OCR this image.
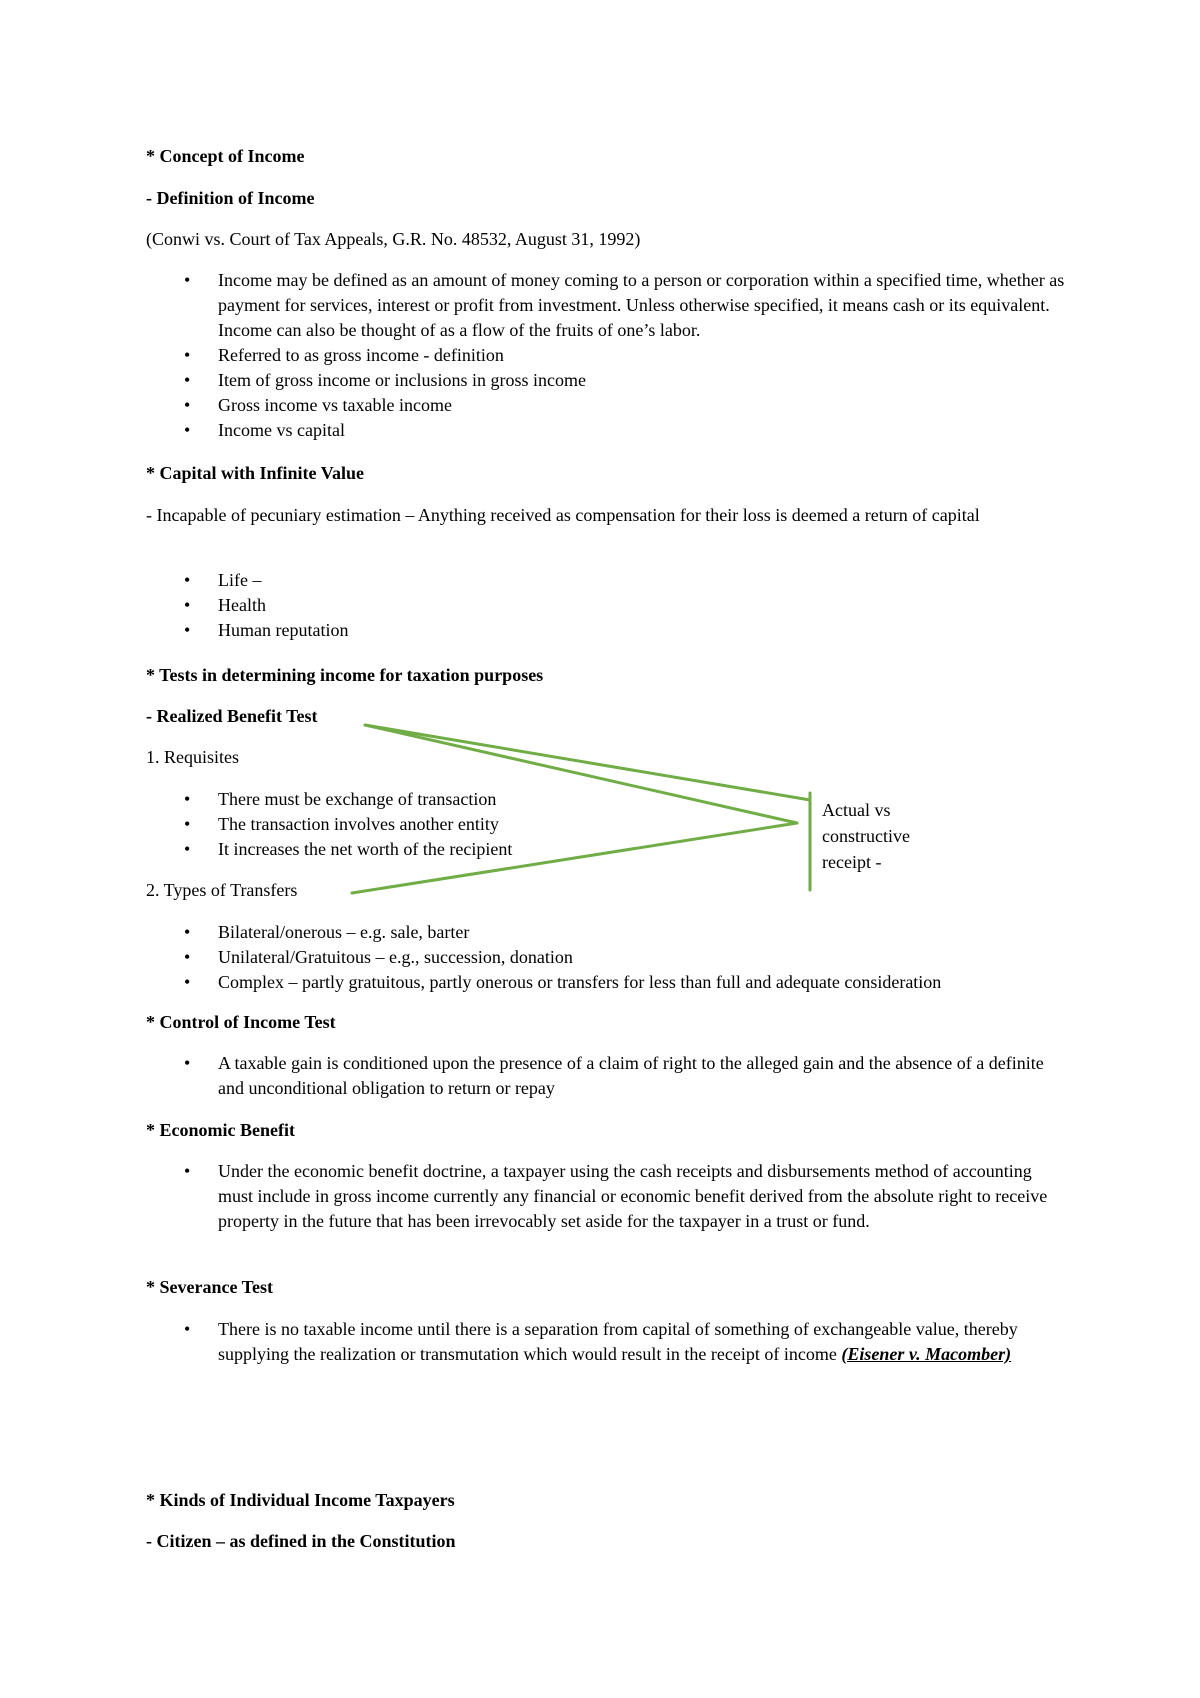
* Concept of Income
- Definition of Income
(Conwi vs. Court of Tax Appeals, G.R. No. 48532, August 31, 1992)
• Income may be defined as an amount of money coming to a person or corporation within a specified time, whether as payment for services, interest or profit from investment. Unless otherwise specified, it means cash or its equivalent. Income can also be thought of as a flow of the fruits of one’s labor.
• Referred to as gross income - definition
• Item of gross income or inclusions in gross income
• Gross income vs taxable income
• Income vs capital
* Capital with Infinite Value
- Incapable of pecuniary estimation – Anything received as compensation for their loss is deemed a return of capital
• Life –
• Health
• Human reputation
* Tests in determining income for taxation purposes
- Realized Benefit Test
1. Requisites
• There must be exchange of transaction
• The transaction involves another entity
• It increases the net worth of the recipient
2. Types of Transfers
• Bilateral/onerous – e.g. sale, barter
• Unilateral/Gratuitous – e.g., succession, donation
• Complex – partly gratuitous, partly onerous or transfers for less than full and adequate consideration
Actual vs constructive receipt -
* Control of Income Test
• A taxable gain is conditioned upon the presence of a claim of right to the alleged gain and the absence of a definite and unconditional obligation to return or repay
* Economic Benefit
• Under the economic benefit doctrine, a taxpayer using the cash receipts and disbursements method of accounting must include in gross income currently any financial or economic benefit derived from the absolute right to receive property in the future that has been irrevocably set aside for the taxpayer in a trust or fund.
* Severance Test
• There is no taxable income until there is a separation from capital of something of exchangeable value, thereby supplying the realization or transmutation which would result in the receipt of income (Eisener v. Macomber)
* Kinds of Individual Income Taxpayers
- Citizen – as defined in the Constitution
